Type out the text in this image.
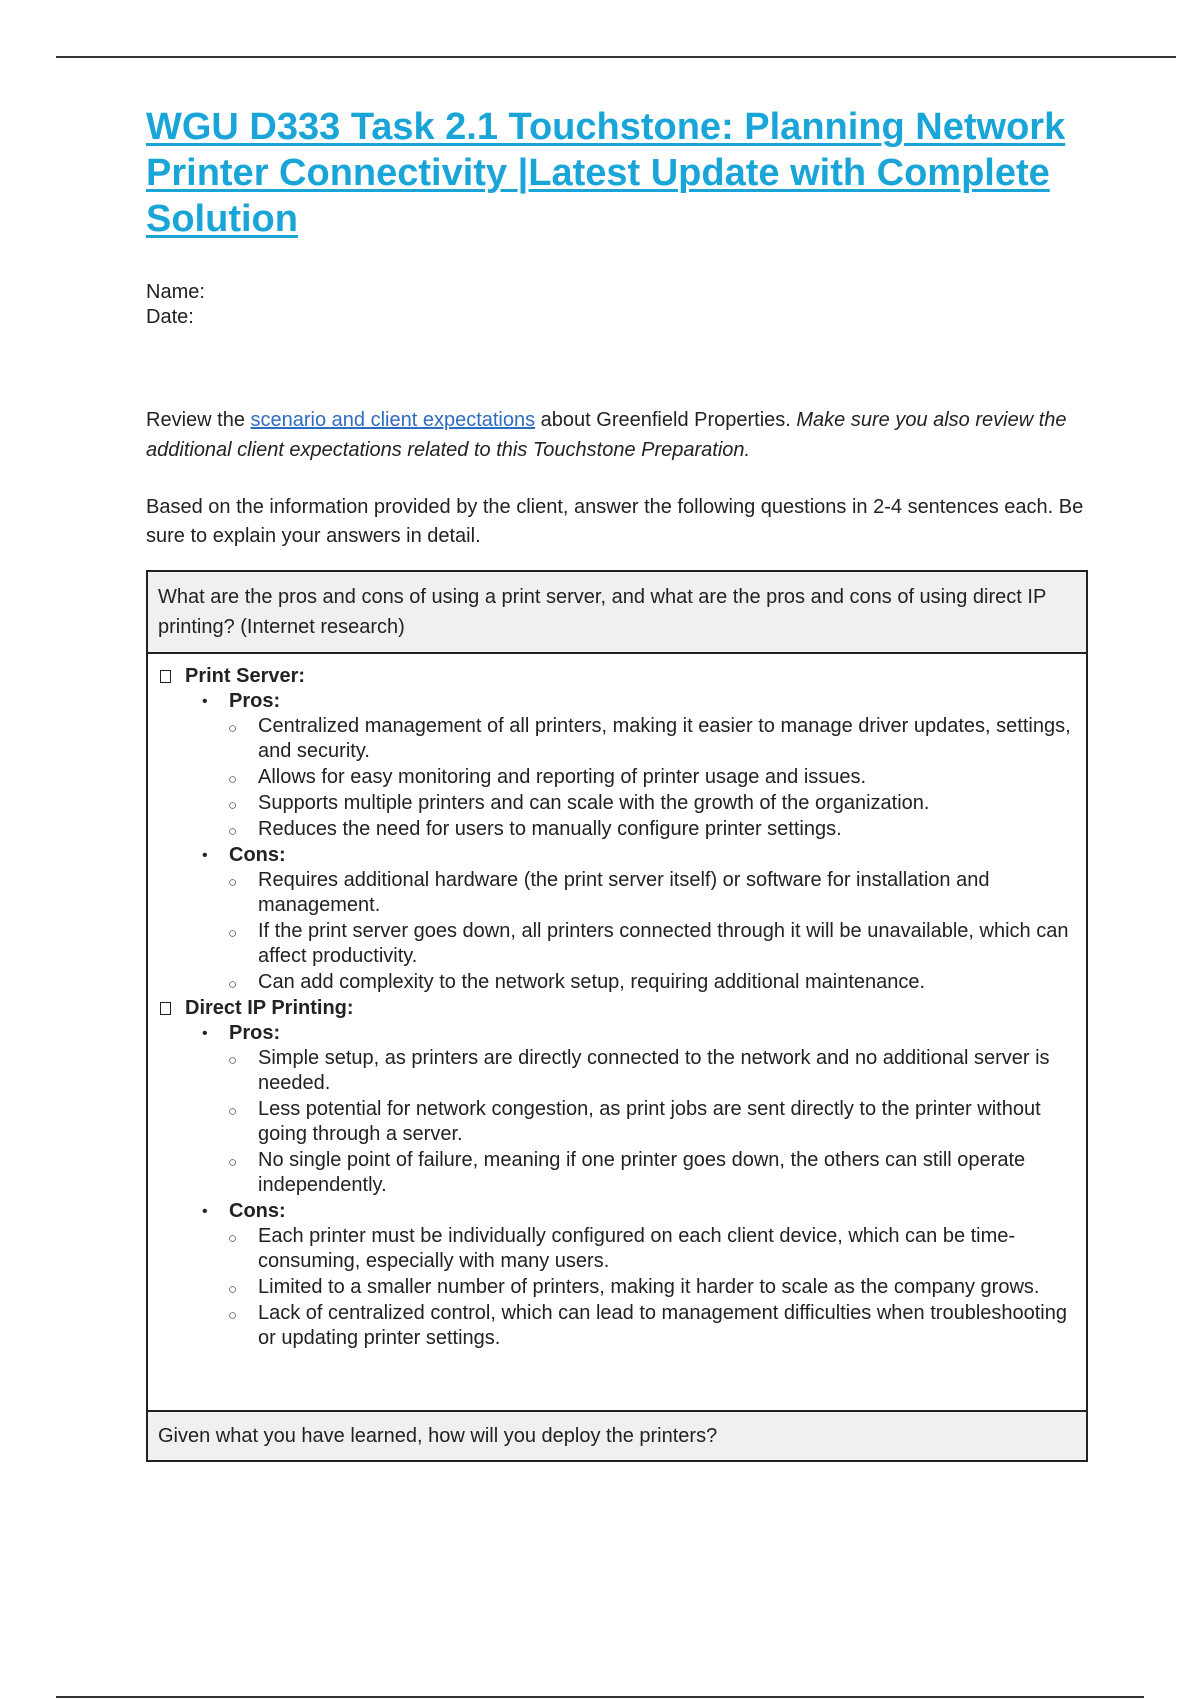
WGU D333 Task 2.1 Touchstone: Planning Network Printer Connectivity |Latest Update with Complete Solution
Name:
Date:
Review the scenario and client expectations about Greenfield Properties. Make sure you also review the additional client expectations related to this Touchstone Preparation.
Based on the information provided by the client, answer the following questions in 2-4 sentences each. Be sure to explain your answers in detail.
What are the pros and cons of using a print server, and what are the pros and cons of using direct IP printing? (Internet research)
Print Server:
• Pros:
○ Centralized management of all printers, making it easier to manage driver updates, settings, and security.
○ Allows for easy monitoring and reporting of printer usage and issues.
○ Supports multiple printers and can scale with the growth of the organization.
○ Reduces the need for users to manually configure printer settings.
• Cons:
○ Requires additional hardware (the print server itself) or software for installation and management.
○ If the print server goes down, all printers connected through it will be unavailable, which can affect productivity.
○ Can add complexity to the network setup, requiring additional maintenance.
Direct IP Printing:
• Pros:
○ Simple setup, as printers are directly connected to the network and no additional server is needed.
○ Less potential for network congestion, as print jobs are sent directly to the printer without going through a server.
○ No single point of failure, meaning if one printer goes down, the others can still operate independently.
• Cons:
○ Each printer must be individually configured on each client device, which can be time-consuming, especially with many users.
○ Limited to a smaller number of printers, making it harder to scale as the company grows.
○ Lack of centralized control, which can lead to management difficulties when troubleshooting or updating printer settings.
Given what you have learned, how will you deploy the printers?
